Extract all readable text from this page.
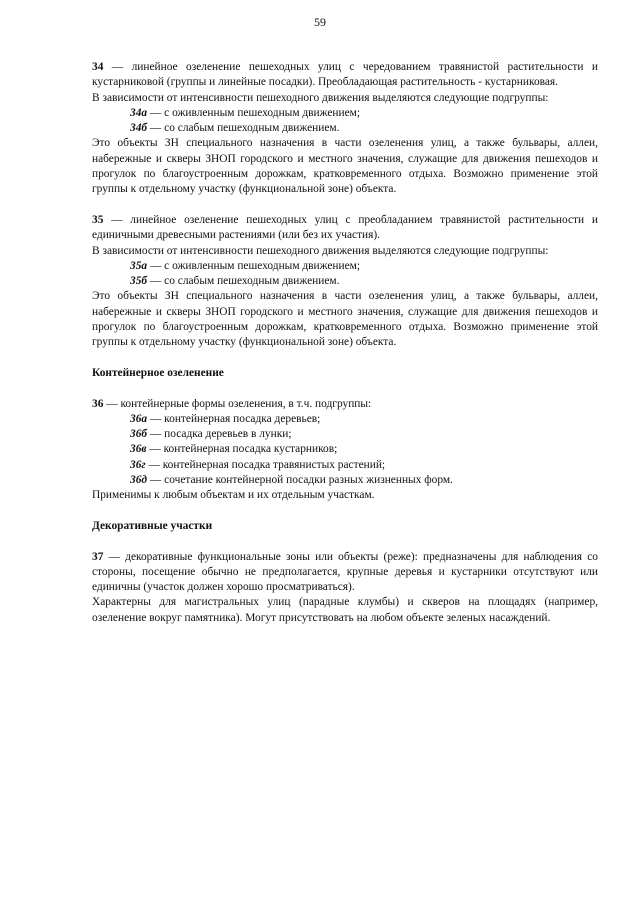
59

34 — линейное озеленение пешеходных улиц с чередованием травянистой растительности и кустарниковой (группы и линейные посадки). Преобладающая растительность - кустарниковая.

В зависимости от интенсивности пешеходного движения выделяются следующие подгруппы:

34а — с оживленным пешеходным движением;

34б — со слабым пешеходным движением.

Это объекты ЗН специального назначения в части озеленения улиц, а также бульвары, аллеи, набережные и скверы ЗНОП городского и местного значения, служащие для движения пешеходов и прогулок по благоустроенным дорожкам, кратковременного отдыха. Возможно применение этой группы к отдельному участку (функциональной зоне) объекта.

35 — линейное озеленение пешеходных улиц с преобладанием травянистой растительности и единичными древесными растениями (или без их участия).

В зависимости от интенсивности пешеходного движения выделяются следующие подгруппы:

35а — с оживленным пешеходным движением;

35б — со слабым пешеходным движением.

Это объекты ЗН специального назначения в части озеленения улиц, а также бульвары, аллеи, набережные и скверы ЗНОП городского и местного значения, служащие для движения пешеходов и прогулок по благоустроенным дорожкам, кратковременного отдыха. Возможно применение этой группы к отдельному участку (функциональной зоне) объекта.

Контейнерное озеленение

36 — контейнерные формы озеленения, в т.ч. подгруппы:

36а — контейнерная посадка деревьев;

36б — посадка деревьев в лунки;

36в — контейнерная посадка кустарников;

36г — контейнерная посадка травянистых растений;

36д — сочетание контейнерной посадки разных жизненных форм.

Применимы к любым объектам и их отдельным участкам.

Декоративные участки

37 — декоративные функциональные зоны или объекты (реже): предназначены для наблюдения со стороны, посещение обычно не предполагается, крупные деревья и кустарники отсутствуют или единичны (участок должен хорошо просматриваться).

Характерны для магистральных улиц (парадные клумбы) и скверов на площадях (например, озеленение вокруг памятника). Могут присутствовать на любом объекте зеленых насаждений.
